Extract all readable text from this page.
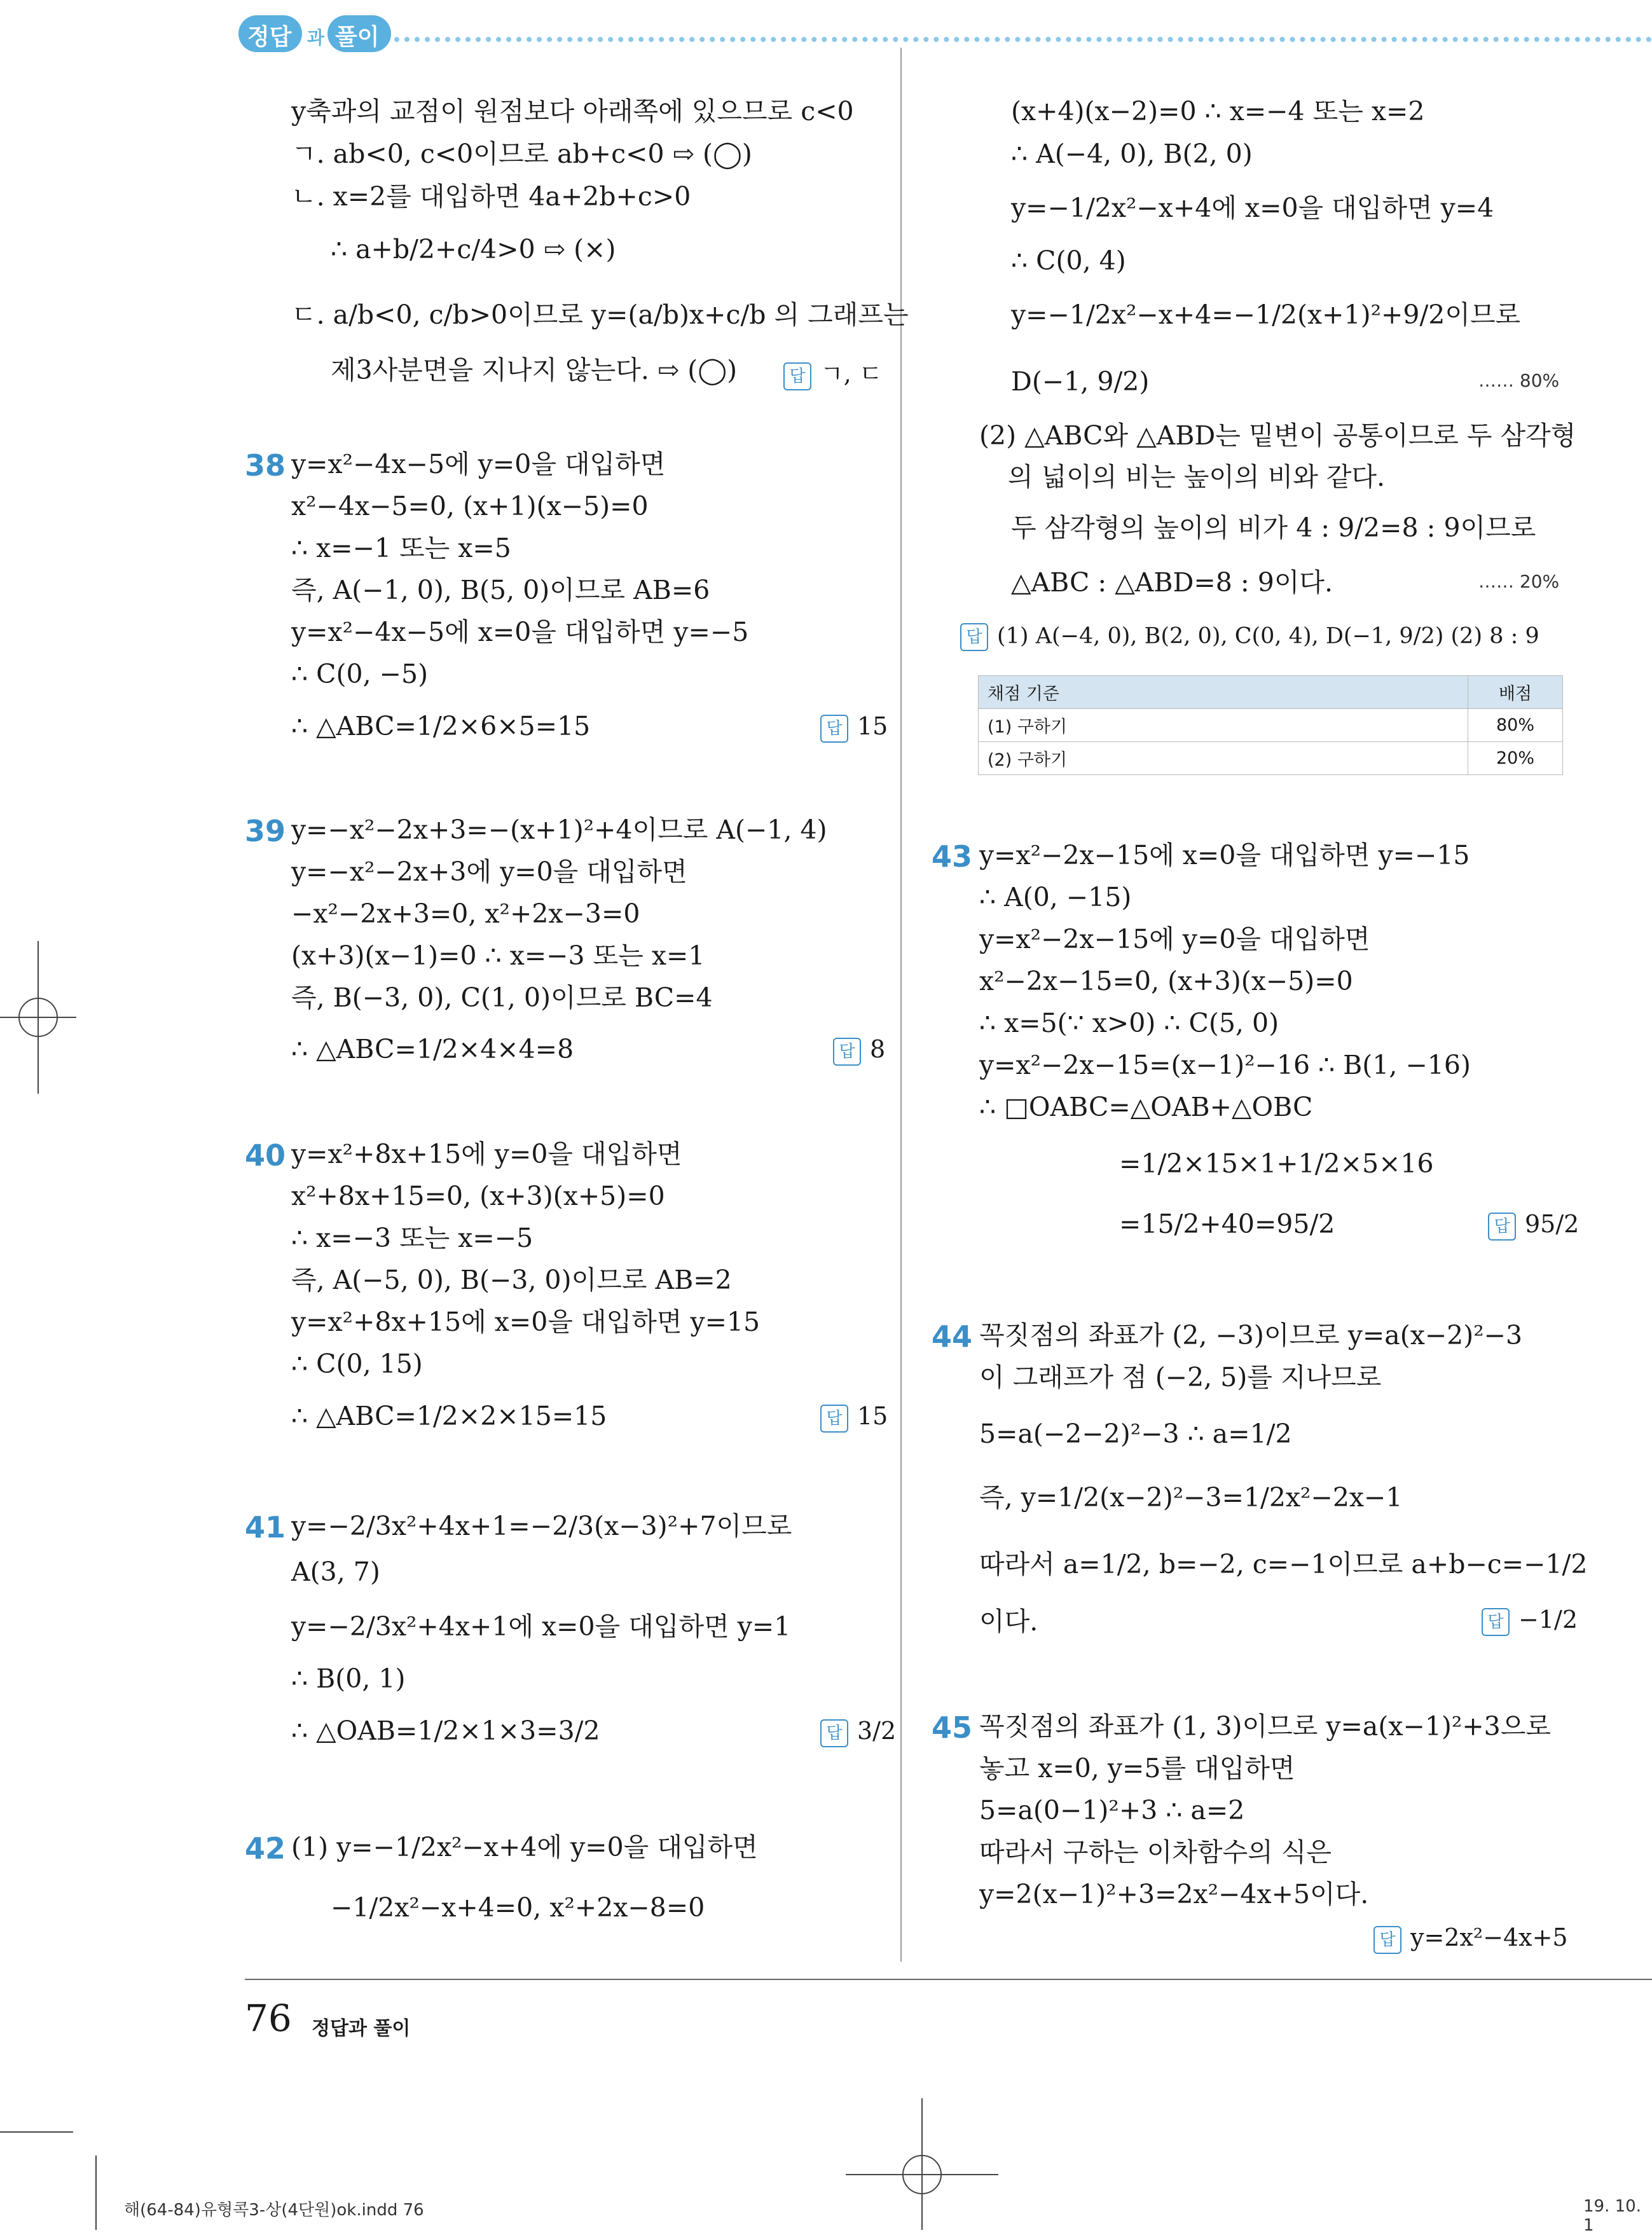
정답 과 풀이
y축과의 교점이 원점보다 아래쪽에 있으므로 c<0
ㄱ. ab<0, c<0이므로 ab+c<0 ⇨ (◯)
ㄴ. x=2를 대입하면 4a+2b+c>0
∴ a+b/2+c/4>0 ⇨ (×)
ㄷ. a/b<0, c/b>0이므로 y=(a/b)x+c/b 의 그래프는
제3사분면을 지나지 않는다. ⇨ (◯)	답 ㄱ, ㄷ
38 y=x²−4x−5에 y=0을 대입하면
x²−4x−5=0, (x+1)(x−5)=0
∴ x=−1 또는 x=5
즉, A(−1, 0), B(5, 0)이므로 AB=6
y=x²−4x−5에 x=0을 대입하면 y=−5
∴ C(0, −5)
∴ △ABC=1/2×6×5=15	답 15
39 y=−x²−2x+3=−(x+1)²+4이므로 A(−1, 4)
y=−x²−2x+3에 y=0을 대입하면
−x²−2x+3=0, x²+2x−3=0
(x+3)(x−1)=0 ∴ x=−3 또는 x=1
즉, B(−3, 0), C(1, 0)이므로 BC=4
∴ △ABC=1/2×4×4=8	답 8
40 y=x²+8x+15에 y=0을 대입하면
x²+8x+15=0, (x+3)(x+5)=0
∴ x=−3 또는 x=−5
즉, A(−5, 0), B(−3, 0)이므로 AB=2
y=x²+8x+15에 x=0을 대입하면 y=15
∴ C(0, 15)
∴ △ABC=1/2×2×15=15	답 15
41 y=−2/3x²+4x+1=−2/3(x−3)²+7이므로
A(3, 7)
y=−2/3x²+4x+1에 x=0을 대입하면 y=1
∴ B(0, 1)
∴ △OAB=1/2×1×3=3/2	답 3/2
42 (1) y=−1/2x²−x+4에 y=0을 대입하면
−1/2x²−x+4=0, x²+2x−8=0
(x+4)(x−2)=0 ∴ x=−4 또는 x=2
∴ A(−4, 0), B(2, 0)
y=−1/2x²−x+4에 x=0을 대입하면 y=4
∴ C(0, 4)
y=−1/2x²−x+4=−1/2(x+1)²+9/2이므로
D(−1, 9/2)	…… 80%
(2) △ABC와 △ABD는 밑변이 공통이므로 두 삼각형
의 넓이의 비는 높이의 비와 같다.
두 삼각형의 높이의 비가 4 : 9/2=8 : 9이므로
△ABC : △ABD=8 : 9이다.	…… 20%
답 (1) A(−4, 0), B(2, 0), C(0, 4), D(−1, 9/2) (2) 8 : 9
채점 기준	배점
(1) 구하기	80%
(2) 구하기	20%
43 y=x²−2x−15에 x=0을 대입하면 y=−15
∴ A(0, −15)
y=x²−2x−15에 y=0을 대입하면
x²−2x−15=0, (x+3)(x−5)=0
∴ x=5(∵ x>0) ∴ C(5, 0)
y=x²−2x−15=(x−1)²−16 ∴ B(1, −16)
∴ □OABC=△OAB+△OBC
=1/2×15×1+1/2×5×16
=15/2+40=95/2	답 95/2
44 꼭짓점의 좌표가 (2, −3)이므로 y=a(x−2)²−3
이 그래프가 점 (−2, 5)를 지나므로
5=a(−2−2)²−3 ∴ a=1/2
즉, y=1/2(x−2)²−3=1/2x²−2x−1
따라서 a=1/2, b=−2, c=−1이므로 a+b−c=−1/2
이다.	답 −1/2
45 꼭짓점의 좌표가 (1, 3)이므로 y=a(x−1)²+3으로
놓고 x=0, y=5를 대입하면
5=a(0−1)²+3 ∴ a=2
따라서 구하는 이차함수의 식은
y=2(x−1)²+3=2x²−4x+5이다.
답 y=2x²−4x+5
76 정답과 풀이
해(64-84)유형콕3-상(4단원)ok.indd 76	19. 10. 1
